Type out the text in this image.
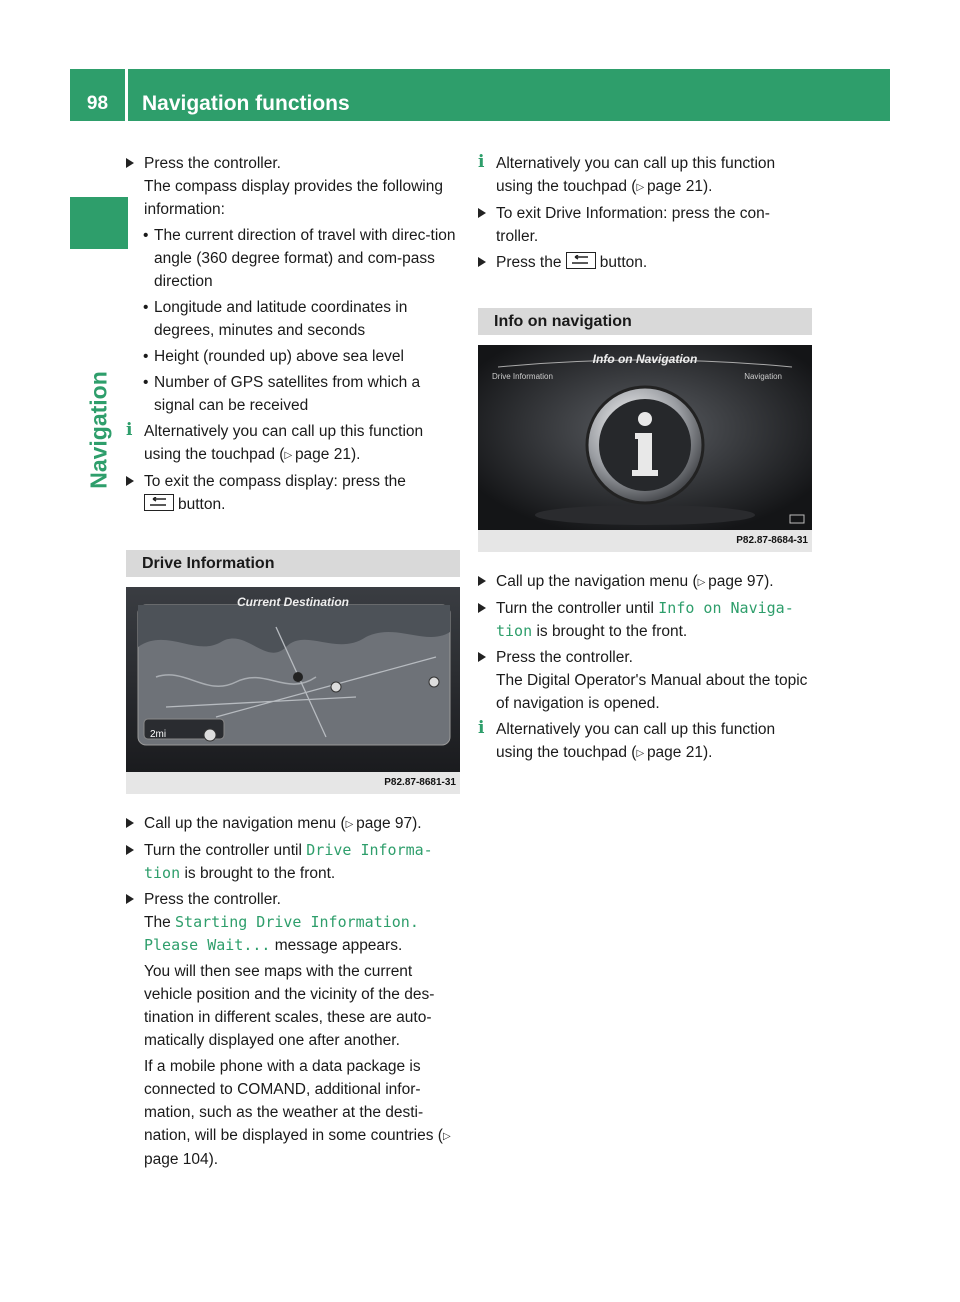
98	Navigation functions
Navigation
Press the controller.
The compass display provides the following information:
• The current direction of travel with direc-tion angle (360 degree format) and com-pass direction
• Longitude and latitude coordinates in degrees, minutes and seconds
• Height (rounded up) above sea level
• Number of GPS satellites from which a signal can be received
i Alternatively you can call up this function using the touchpad (▷ page 21).
To exit the compass display: press the
button.
Drive Information
Current Destination
2mi
P82.87-8681-31
Call up the navigation menu (▷ page 97).
Turn the controller until Drive Informa-
tion is brought to the front.
Press the controller.
The Starting Drive Information.
Please Wait... message appears.
You will then see maps with the current vehicle position and the vicinity of the des-tination in different scales, these are auto-matically displayed one after another.
If a mobile phone with a data package is connected to COMAND, additional infor-mation, such as the weather at the desti-nation, will be displayed in some countries (▷ page 104).
i Alternatively you can call up this function using the touchpad (▷ page 21).
To exit Drive Information: press the con-troller.
Press the button.
Info on navigation
Info on Navigation
Drive Information	Navigation
P82.87-8684-31
Call up the navigation menu (▷ page 97).
Turn the controller until Info on Naviga-
tion is brought to the front.
Press the controller.
The Digital Operator's Manual about the topic of navigation is opened.
i Alternatively you can call up this function using the touchpad (▷ page 21).
